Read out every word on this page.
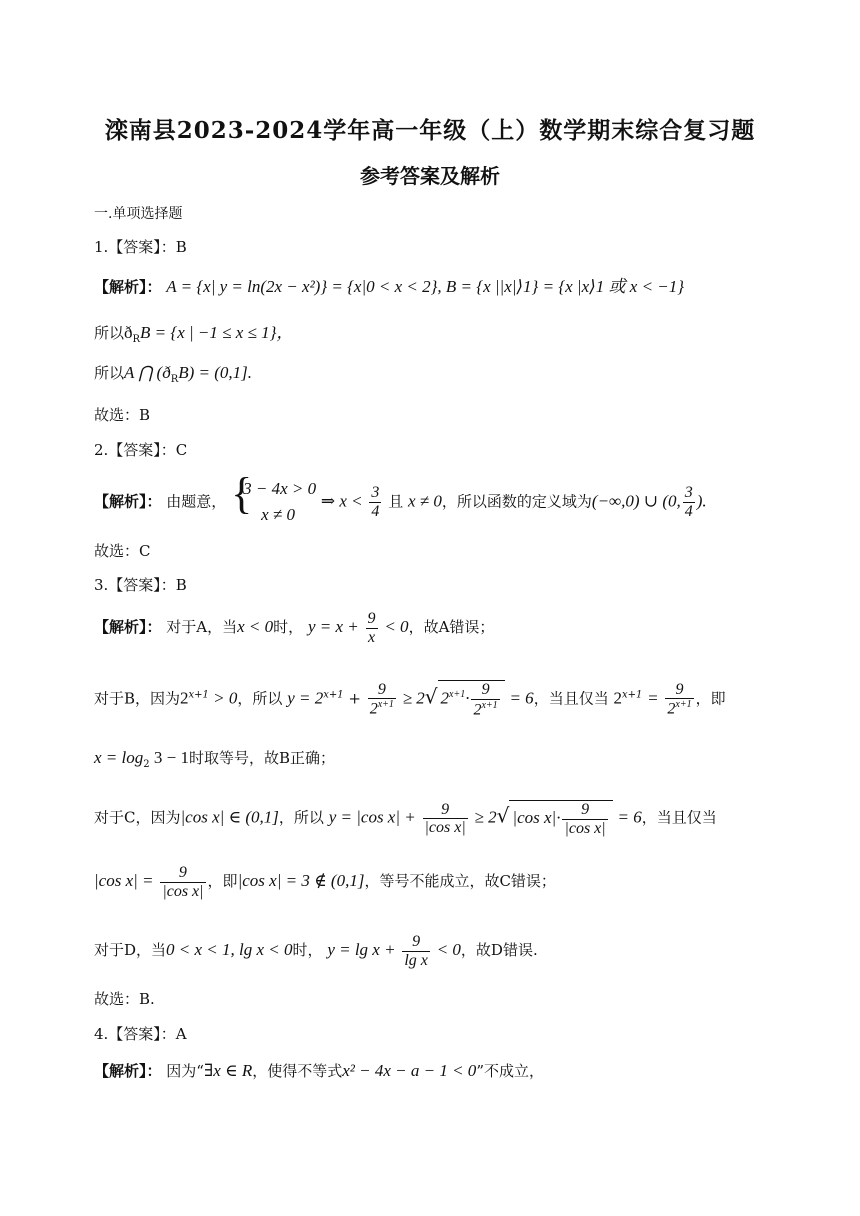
滦南县2023-2024学年高一年级（上）数学期末综合复习题
参考答案及解析
一.单项选择题
1.【答案】：B
【解析】： A = {x| y = ln(2x − x²)} = {x|0 < x < 2}, B = {x ||x|⟩1} = {x |x⟩1 或 x < −1}
所以$ð_RB = \{x$ | −1 ≤ x ≤ 1}，
所以A ⋂ $(ð_RB) = (0,1]$.
故选：B
2.【答案】：C
【解析】： 由题意， {
3 − 4x > 0
x ≠ 0
⇒ $x < \frac{3}{4}$ 且 x ≠ 0，所以函数的定义域为(−∞,0) ∪ (0, $\frac{3}{4}$ ).
故选：C
3.【答案】：B
【解析】： 对于A，当x < 0时， $y = x + \frac{9}{x} < 0$，故A错误；
对于B，因为$2^{x+1} > 0$，所以 $y = 2^{x+1} + \frac{9}{2^{x+1}} \ge 2√$ $2^{x+1}\cdot \frac{9}{2^{x+1}} = 6$，当且仅当 $2^{x+1} = \frac{9}{2^{x+1}}$ ，即
$x = \log_2 3 - 1$时取等号，故B正确；
对于C，因为|cos x| ∈ (0,1]，所以 y = |cos $x| + \frac{9}{\text{|cos x|}} \ge 2√$ |cos $x|\cdot \frac{9}{\text{|cos x|}} = 6$，当且仅当
|cos $x| = \frac{9}{\text{|cos x|}}$ ，即|cos x| = 3 ∉ (0,1]，等号不能成立，故C错误；
对于D，当0 < x < 1, lg x < 0时， $y = \lg x + \frac{9}{\text{lg x}} < 0$，故D错误.
故选：B.
4.【答案】：A
【解析】： 因为“∃x ∈ R，使得不等式x² − 4x − a − 1 < 0”不成立，
